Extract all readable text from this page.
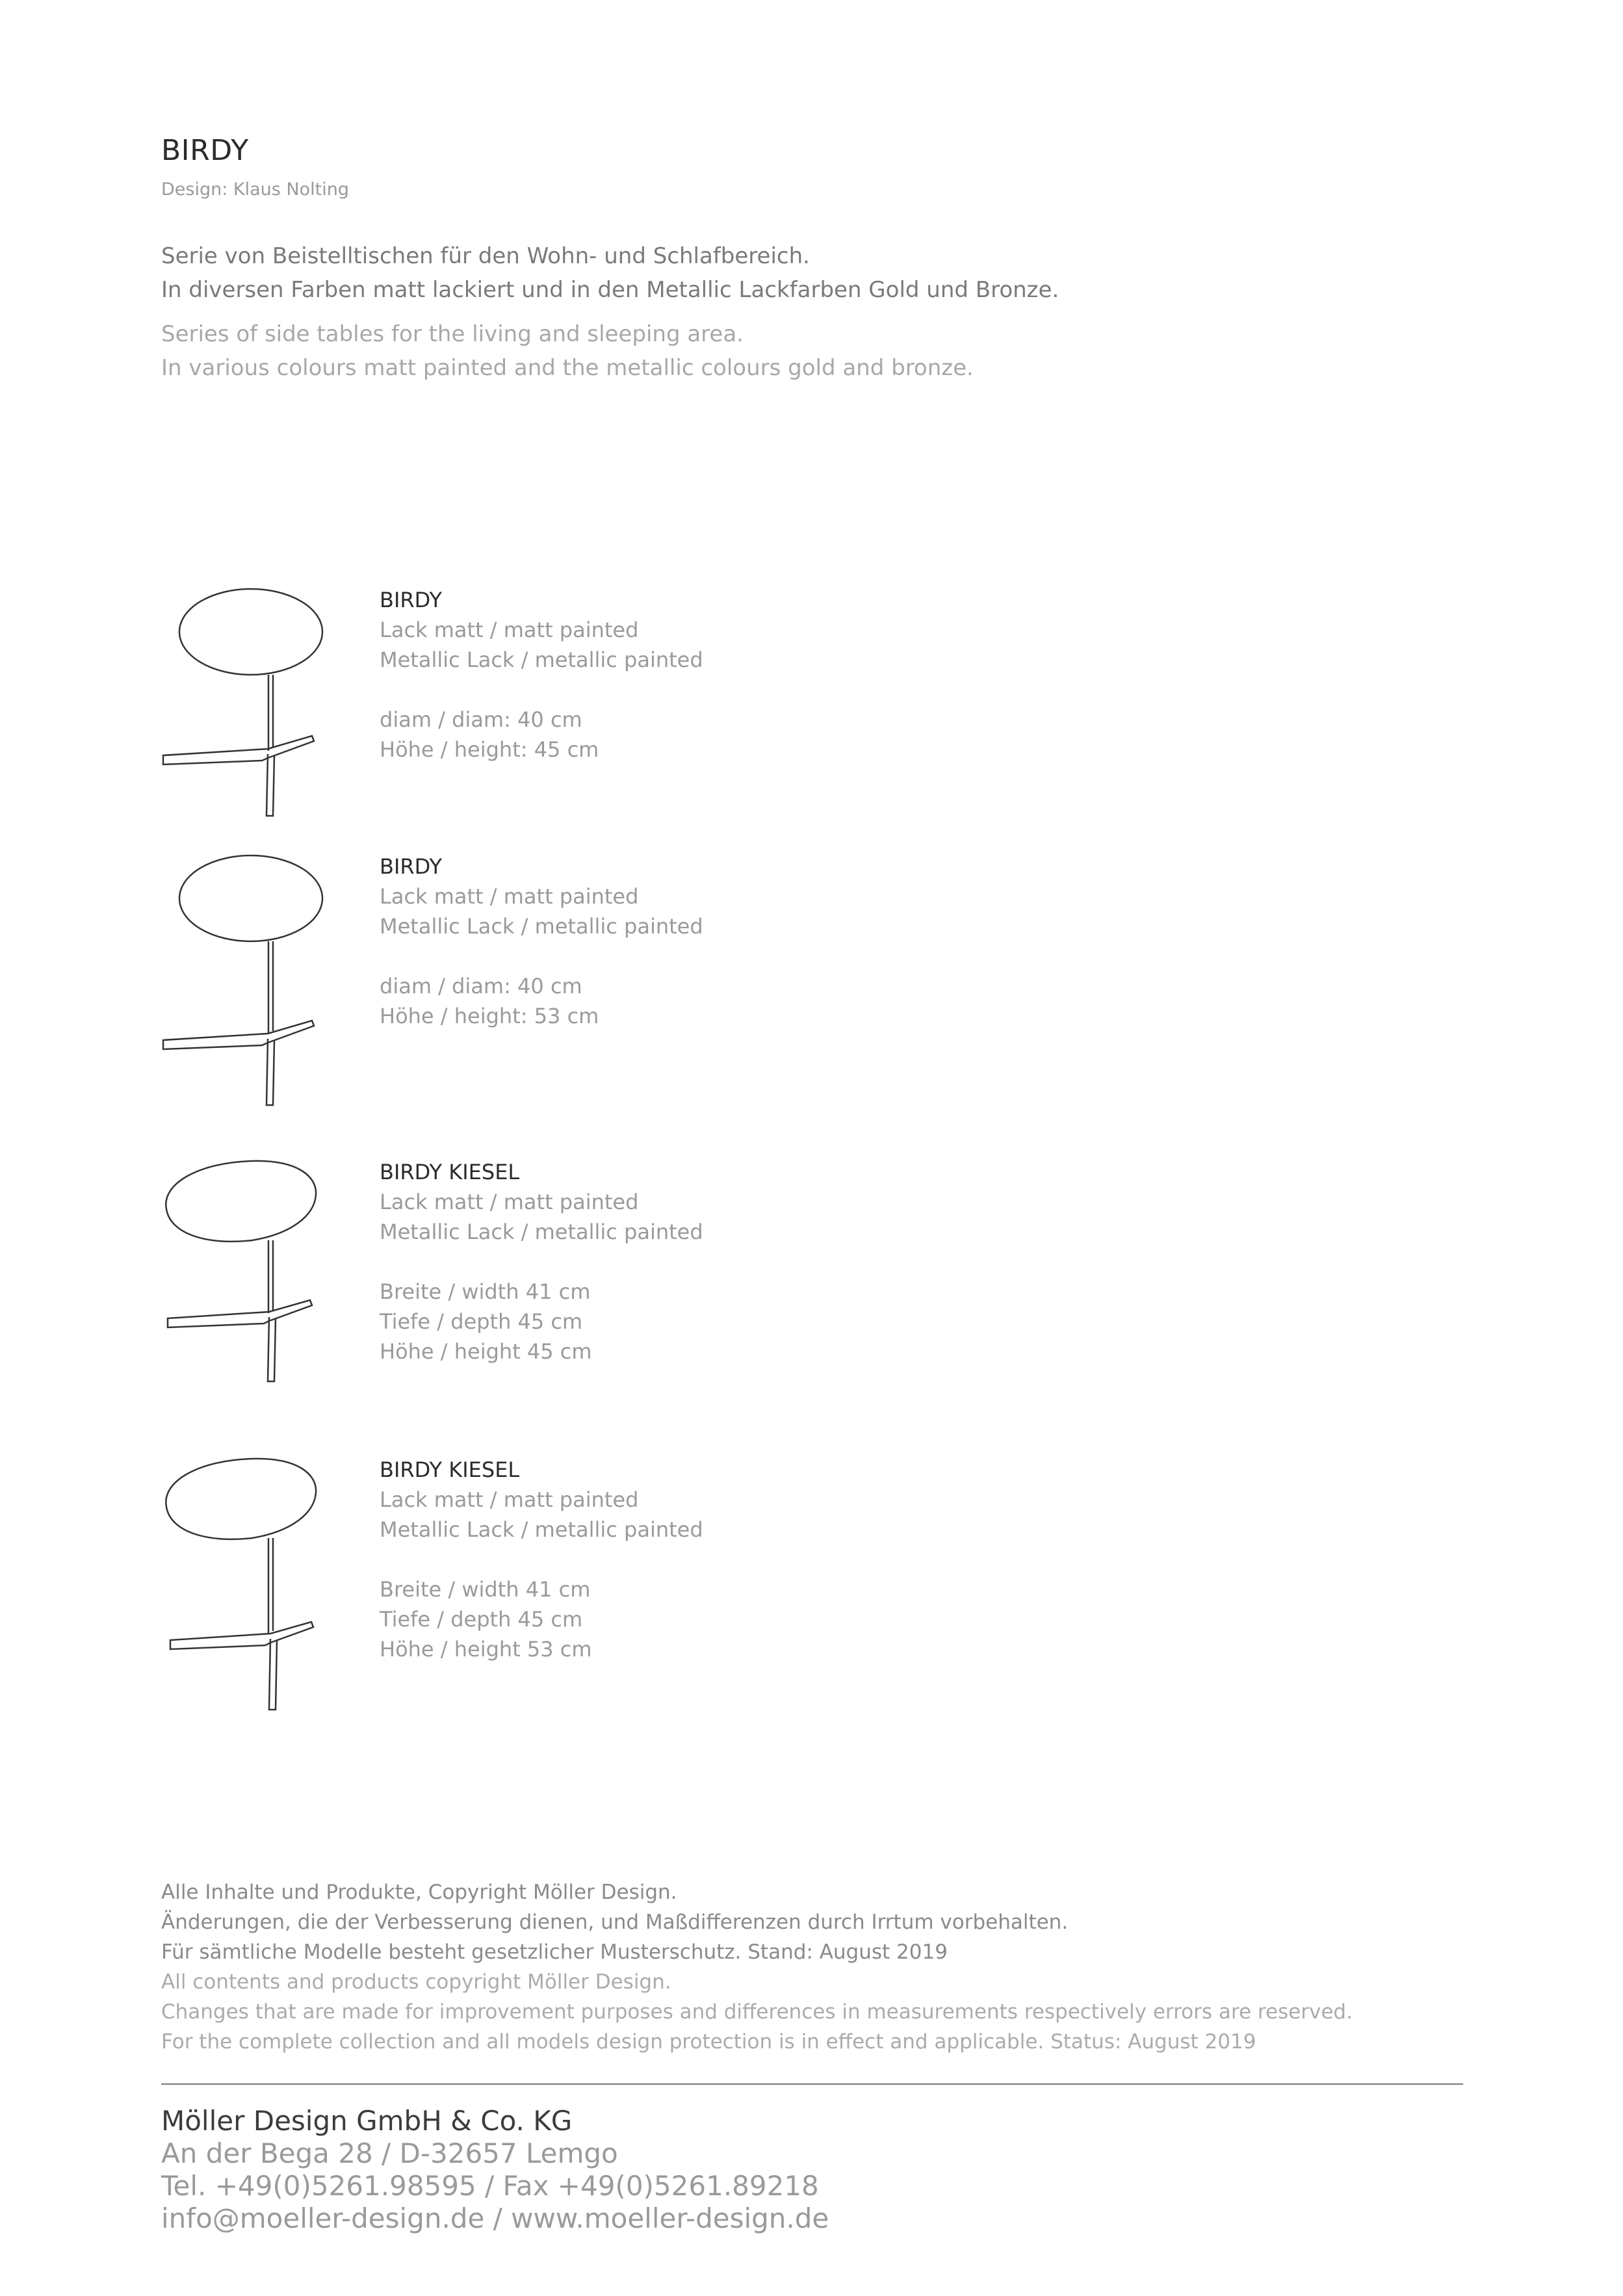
BIRDY
Design: Klaus Nolting
Serie von Beistelltischen für den Wohn- und Schlafbereich.
In diversen Farben matt lackiert und in den Metallic Lackfarben Gold und Bronze.
Series of side tables for the living and sleeping area.
In various colours matt painted and the metallic colours gold and bronze.
BIRDY
Lack matt / matt painted
Metallic Lack / metallic painted
diam / diam: 40 cm
Höhe / height: 45 cm
BIRDY
Lack matt / matt painted
Metallic Lack / metallic painted
diam / diam: 40 cm
Höhe / height: 53 cm
BIRDY KIESEL
Lack matt / matt painted
Metallic Lack / metallic painted
Breite / width 41 cm
Tiefe / depth 45 cm
Höhe / height 45 cm
BIRDY KIESEL
Lack matt / matt painted
Metallic Lack / metallic painted
Breite / width 41 cm
Tiefe / depth 45 cm
Höhe / height 53 cm
Alle Inhalte und Produkte, Copyright Möller Design.
Änderungen, die der Verbesserung dienen, und Maßdifferenzen durch Irrtum vorbehalten.
Für sämtliche Modelle besteht gesetzlicher Musterschutz. Stand: August 2019
All contents and products copyright Möller Design.
Changes that are made for improvement purposes and differences in measurements respectively errors are reserved.
For the complete collection and all models design protection is in effect and applicable. Status: August 2019
Möller Design GmbH & Co. KG
An der Bega 28 / D-32657 Lemgo
Tel. +49(0)5261.98595 / Fax +49(0)5261.89218
info@moeller-design.de / www.moeller-design.de
